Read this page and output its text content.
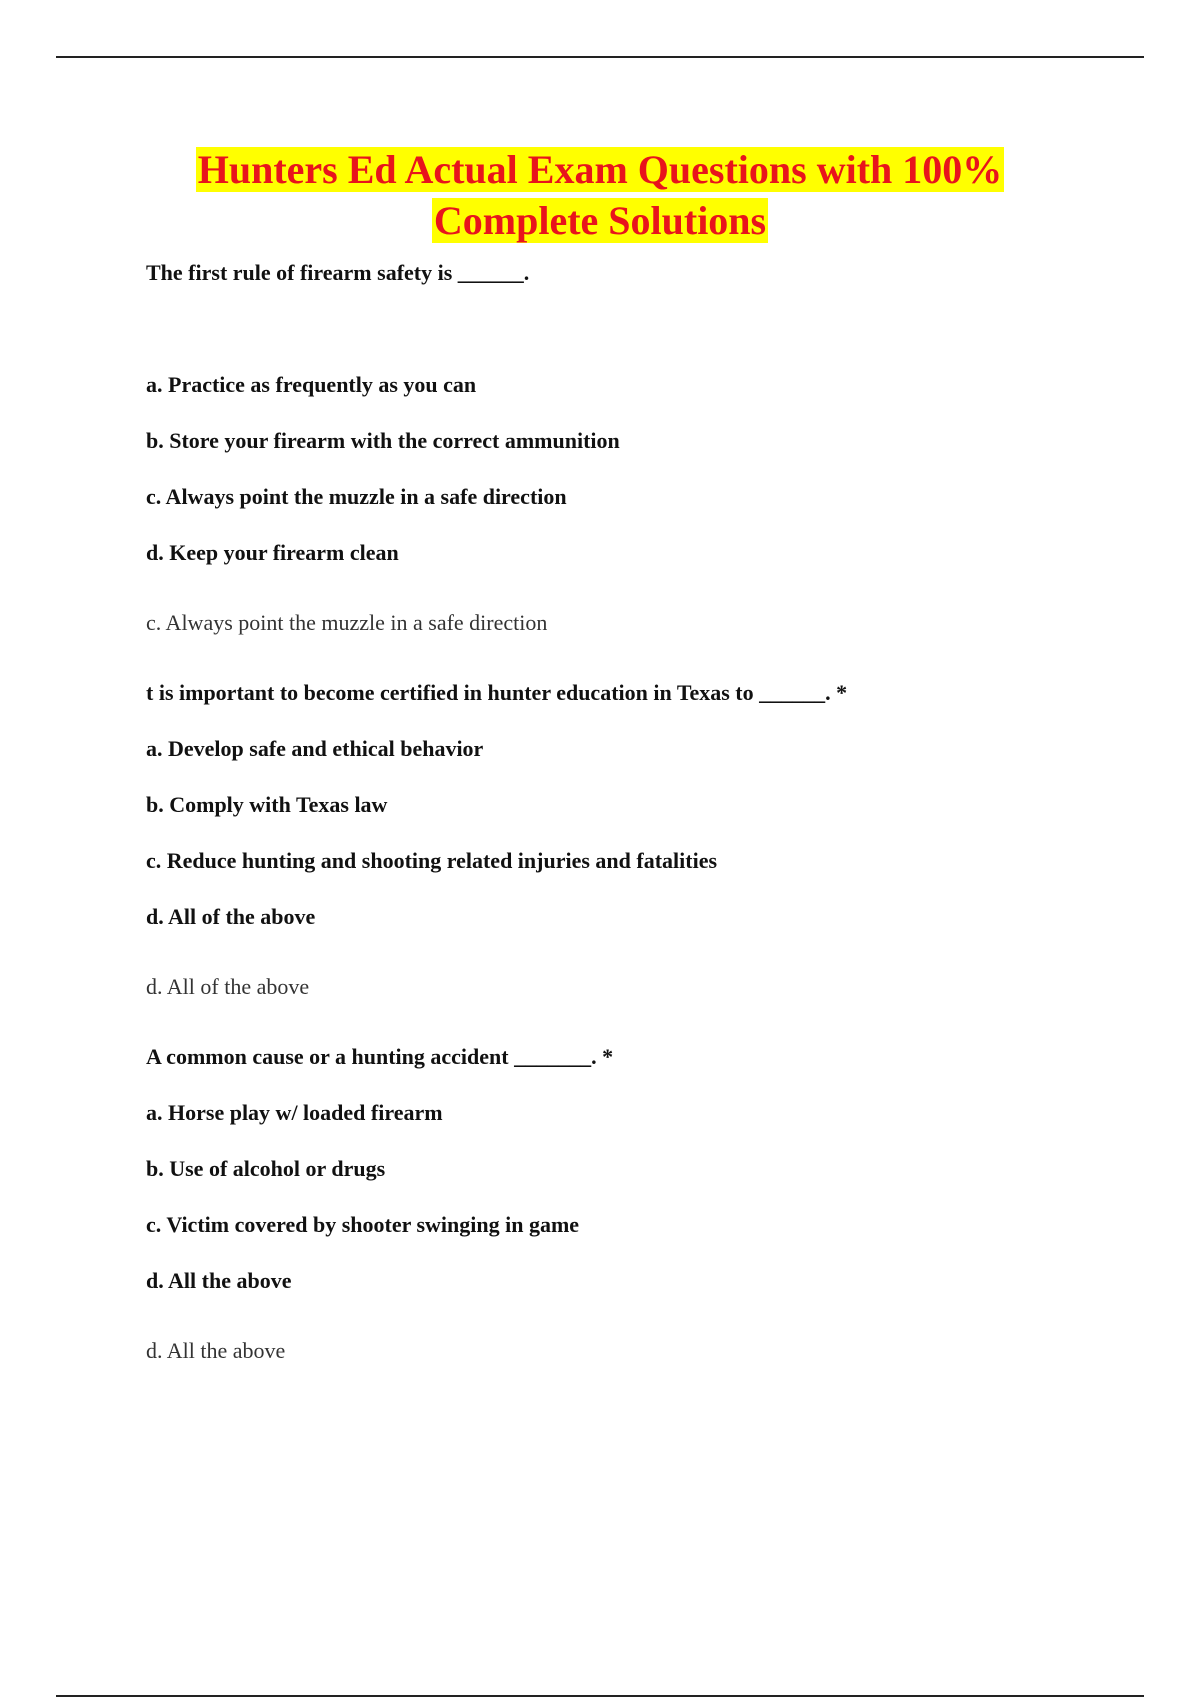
Hunters Ed Actual Exam Questions with 100%
Complete Solutions

The first rule of firearm safety is ______.

a. Practice as frequently as you can
b. Store your firearm with the correct ammunition
c. Always point the muzzle in a safe direction
d. Keep your firearm clean

c. Always point the muzzle in a safe direction

t is important to become certified in hunter education in Texas to ______. *

a. Develop safe and ethical behavior
b. Comply with Texas law
c. Reduce hunting and shooting related injuries and fatalities
d. All of the above

d. All of the above

A common cause or a hunting accident _______. *

a. Horse play w/ loaded firearm
b. Use of alcohol or drugs
c. Victim covered by shooter swinging in game
d. All the above

d. All the above
